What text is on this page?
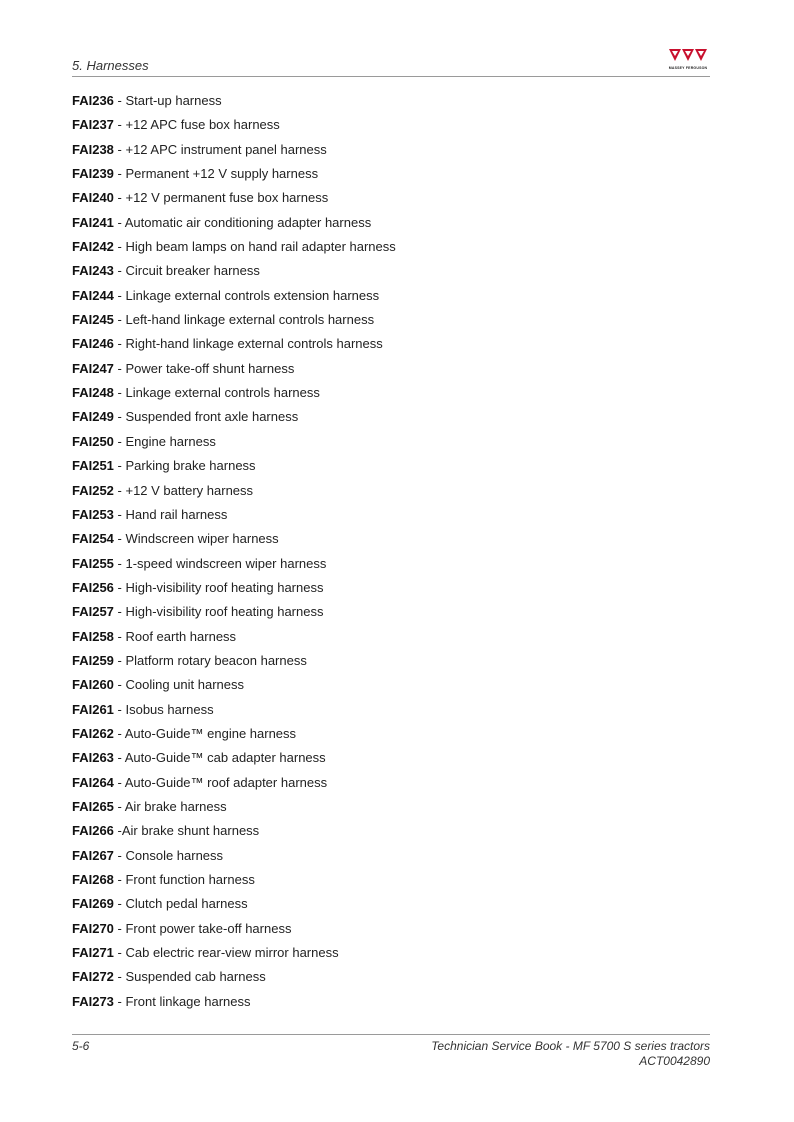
5. Harnesses	MASSEY FERGUSON
FAI236 - Start-up harness
FAI237 - +12 APC fuse box harness
FAI238 - +12 APC instrument panel harness
FAI239 - Permanent +12 V supply harness
FAI240 - +12 V permanent fuse box harness
FAI241 - Automatic air conditioning adapter harness
FAI242 - High beam lamps on hand rail adapter harness
FAI243 - Circuit breaker harness
FAI244 - Linkage external controls extension harness
FAI245 - Left-hand linkage external controls harness
FAI246 - Right-hand linkage external controls harness
FAI247 - Power take-off shunt harness
FAI248 - Linkage external controls harness
FAI249 - Suspended front axle harness
FAI250 - Engine harness
FAI251 - Parking brake harness
FAI252 - +12 V battery harness
FAI253 - Hand rail harness
FAI254 - Windscreen wiper harness
FAI255 - 1-speed windscreen wiper harness
FAI256 - High-visibility roof heating harness
FAI257 - High-visibility roof heating harness
FAI258 - Roof earth harness
FAI259 - Platform rotary beacon harness
FAI260 - Cooling unit harness
FAI261 - Isobus harness
FAI262 - Auto-Guide™ engine harness
FAI263 - Auto-Guide™ cab adapter harness
FAI264 - Auto-Guide™ roof adapter harness
FAI265 - Air brake harness
FAI266 -Air brake shunt harness
FAI267 - Console harness
FAI268 - Front function harness
FAI269 - Clutch pedal harness
FAI270 - Front power take-off harness
FAI271 - Cab electric rear-view mirror harness
FAI272 - Suspended cab harness
FAI273 - Front linkage harness
5-6	Technician Service Book - MF 5700 S series tractors
ACT0042890
